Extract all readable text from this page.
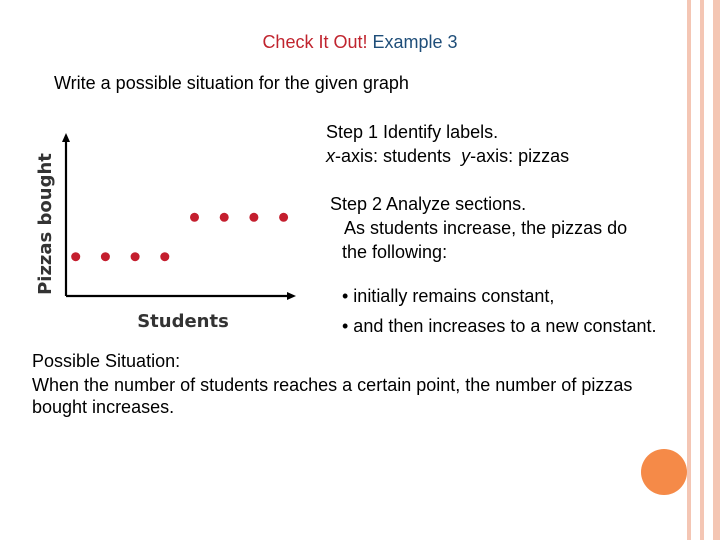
Check It Out! Example 3
Write a possible situation for the given graph
Pizzas bought
Students
Step 1 Identify labels.
x-axis: students y-axis: pizzas
Step 2 Analyze sections.
As students increase, the pizzas do
the following:
• initially remains constant,
• and then increases to a new constant.
Possible Situation:
When the number of students reaches a certain point, the number of pizzas bought increases.
